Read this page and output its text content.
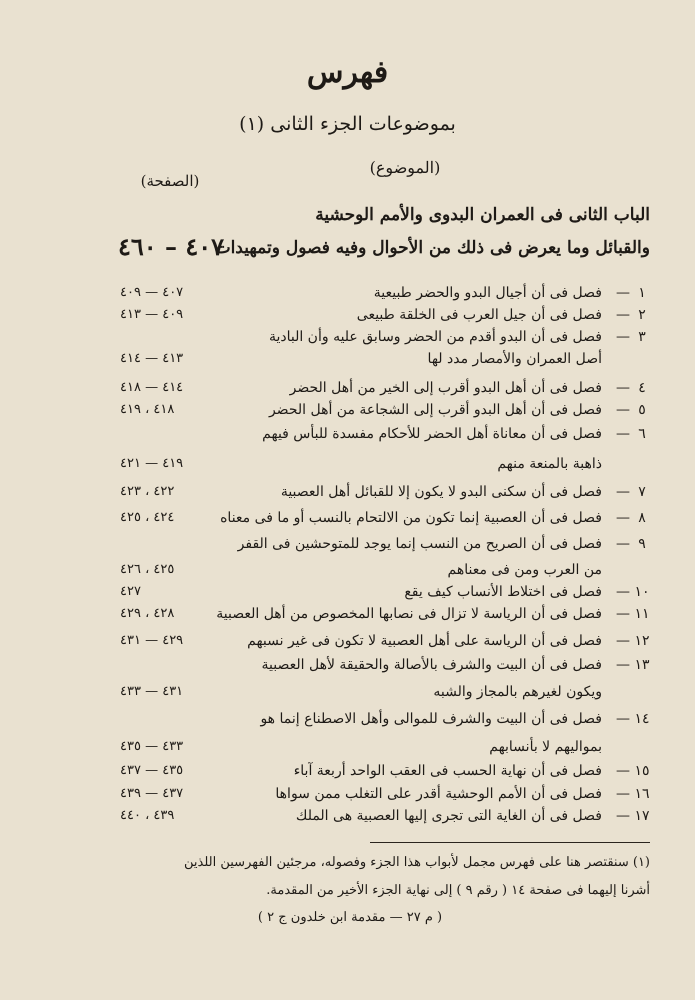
فهرس
بموضوعات الجزء الثانى (١)
(الموضوع)
(الصفحة)
الباب الثانى فى العمران البدوى والأمم الوحشية
والقبائل وما يعرض فى ذلك من الأحوال وفيه فصول وتمهيدات
٤٠٧ – ٤٦٠
١
—
فصل فى أن أجيال البدو والحضر طبيعية
٤٠٧ — ٤٠٩
٢
—
فصل فى أن جيل العرب فى الخلقة طبيعى
٤٠٩ — ٤١٣
٣
—
فصل فى أن البدو أقدم من الحضر وسابق عليه وأن البادية
أصل العمران والأمصار مدد لها
٤١٣ — ٤١٤
٤
—
فصل فى أن أهل البدو أقرب إلى الخير من أهل الحضر
٤١٤ — ٤١٨
٥
—
فصل فى أن أهل البدو أقرب إلى الشجاعة من أهل الحضر
٤١٨ ، ٤١٩
٦
—
فصل فى أن معاناة أهل الحضر للأحكام مفسدة للبأس فيهم
ذاهبة بالمنعة منهم
٤١٩ — ٤٢١
٧
—
فصل فى أن سكنى البدو لا يكون إلا للقبائل أهل العصبية
٤٢٢ ، ٤٢٣
٨
—
فصل فى أن العصبية إنما تكون من الالتحام بالنسب أو ما فى معناه
٤٢٤ ، ٤٢٥
٩
—
فصل فى أن الصريح من النسب إنما يوجد للمتوحشين فى القفر
من العرب ومن فى معناهم
٤٢٥ ، ٤٢٦
١٠
—
فصل فى اختلاط الأنساب كيف يقع
٤٢٧
١١
—
فصل فى أن الرياسة لا تزال فى نصابها المخصوص من أهل العصبية
٤٢٨ ، ٤٢٩
١٢
—
فصل فى أن الرياسة على أهل العصبية لا تكون فى غير نسبهم
٤٢٩ — ٤٣١
١٣
—
فصل فى أن البيت والشرف بالأصالة والحقيقة لأهل العصبية
ويكون لغيرهم بالمجاز والشبه
٤٣١ — ٤٣٣
١٤
—
فصل فى أن البيت والشرف للموالى وأهل الاصطناع إنما هو
بمواليهم لا بأنسابهم
٤٣٣ — ٤٣٥
١٥
—
فصل فى أن نهاية الحسب فى العقب الواحد أربعة آباء
٤٣٥ — ٤٣٧
١٦
—
فصل فى أن الأمم الوحشية أقدر على التغلب ممن سواها
٤٣٧ — ٤٣٩
١٧
—
فصل فى أن الغاية التى تجرى إليها العصبية هى الملك
٤٣٩ ، ٤٤٠
(١) سنقتصر هنا على فهرس مجمل لأبواب هذا الجزء وفصوله، مرجئين الفهرسين اللذين
أشرنا إليهما فى صفحة ١٤ ( رقم ٩ ) إلى نهاية الجزء الأخير من المقدمة.
( م ٢٧ — مقدمة ابن خلدون ج ٢ )
